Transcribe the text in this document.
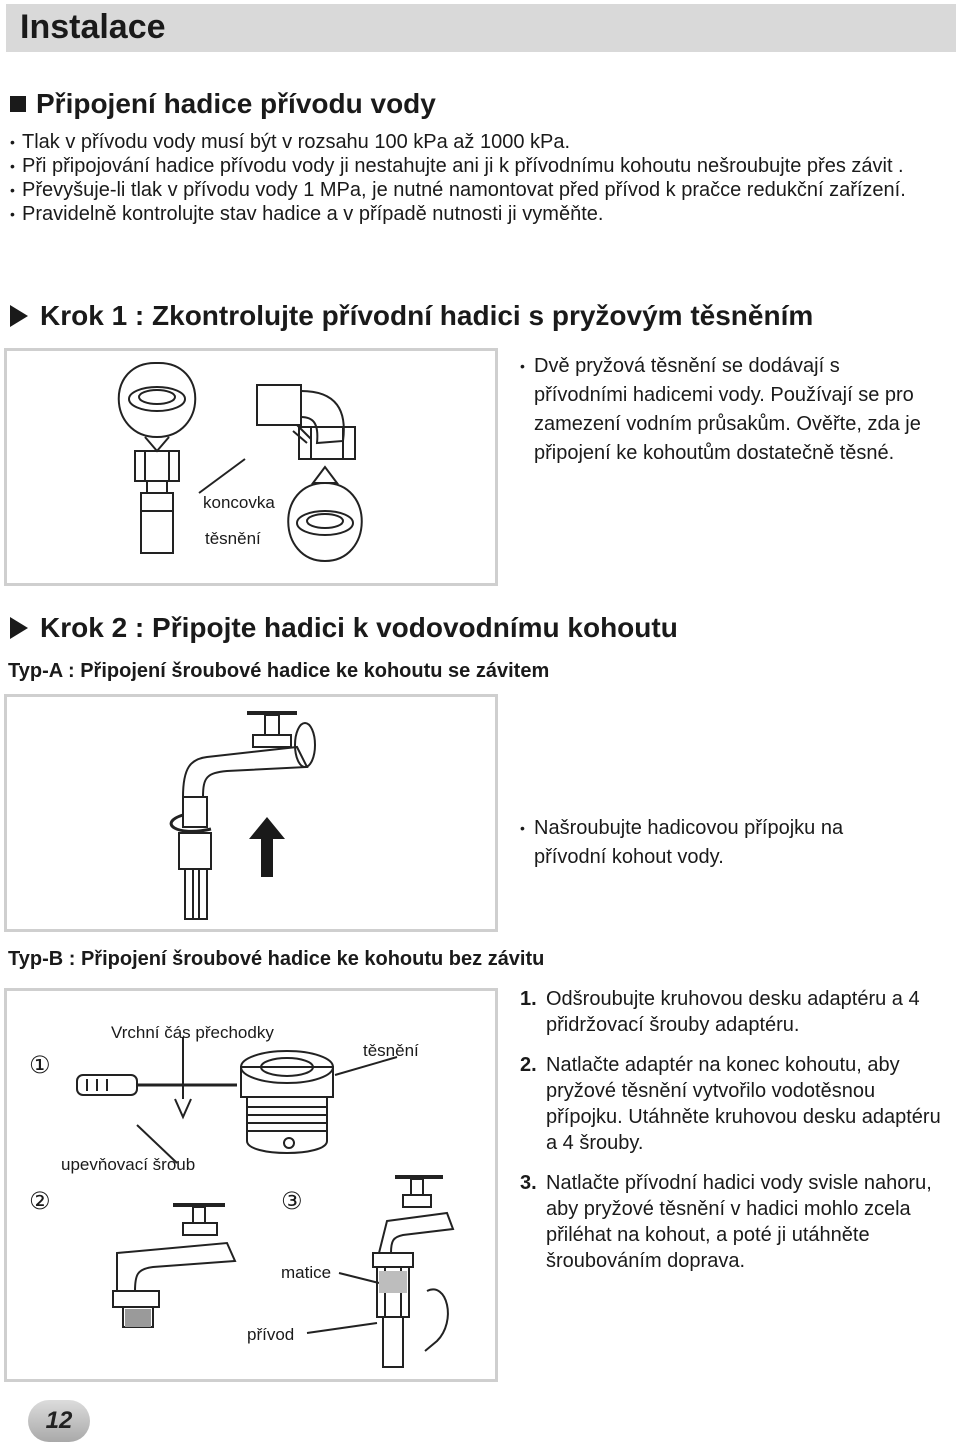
Instalace
Připojení hadice přívodu vody
• Tlak v přívodu vody musí být v rozsahu 100 kPa až 1000 kPa.
• Při připojování hadice přívodu vody ji nestahujte ani ji k přívodnímu kohoutu nešroubujte přes závit .
• Převyšuje-li tlak v přívodu vody 1 MPa, je nutné namontovat před přívod k pračce redukční zařízení.
• Pravidelně kontrolujte stav hadice a v případě nutnosti ji vyměňte.
Krok 1 : Zkontrolujte přívodní hadici s pryžovým těsněním
koncovka
těsnění
• Dvě pryžová těsnění se dodávají s přívodními hadicemi vody. Používají se pro zamezení vodním průsakům. Ověřte, zda je připojení ke kohoutům dostatečně těsné.
Krok 2 : Připojte hadici k vodovodnímu kohoutu
Typ-A : Připojení šroubové hadice ke kohoutu se závitem
• Našroubujte hadicovou přípojku na přívodní kohout vody.
Typ-B : Připojení šroubové hadice ke kohoutu bez závitu
①
②	③
Vrchní čás přechodky
těsnění
upevňovací šroub
matice
přívod
1. Odšroubujte kruhovou desku adaptéru a 4 přidržovací šrouby adaptéru.
2. Natlačte adaptér na konec kohoutu, aby pryžové těsnění vytvořilo vodotěsnou přípojku. Utáhněte kruhovou desku adaptéru a 4 šrouby.
3. Natlačte přívodní hadici vody svisle nahoru, aby pryžové těsnění v hadici mohlo zcela přiléhat na kohout, a poté ji utáhněte šroubováním doprava.
12
